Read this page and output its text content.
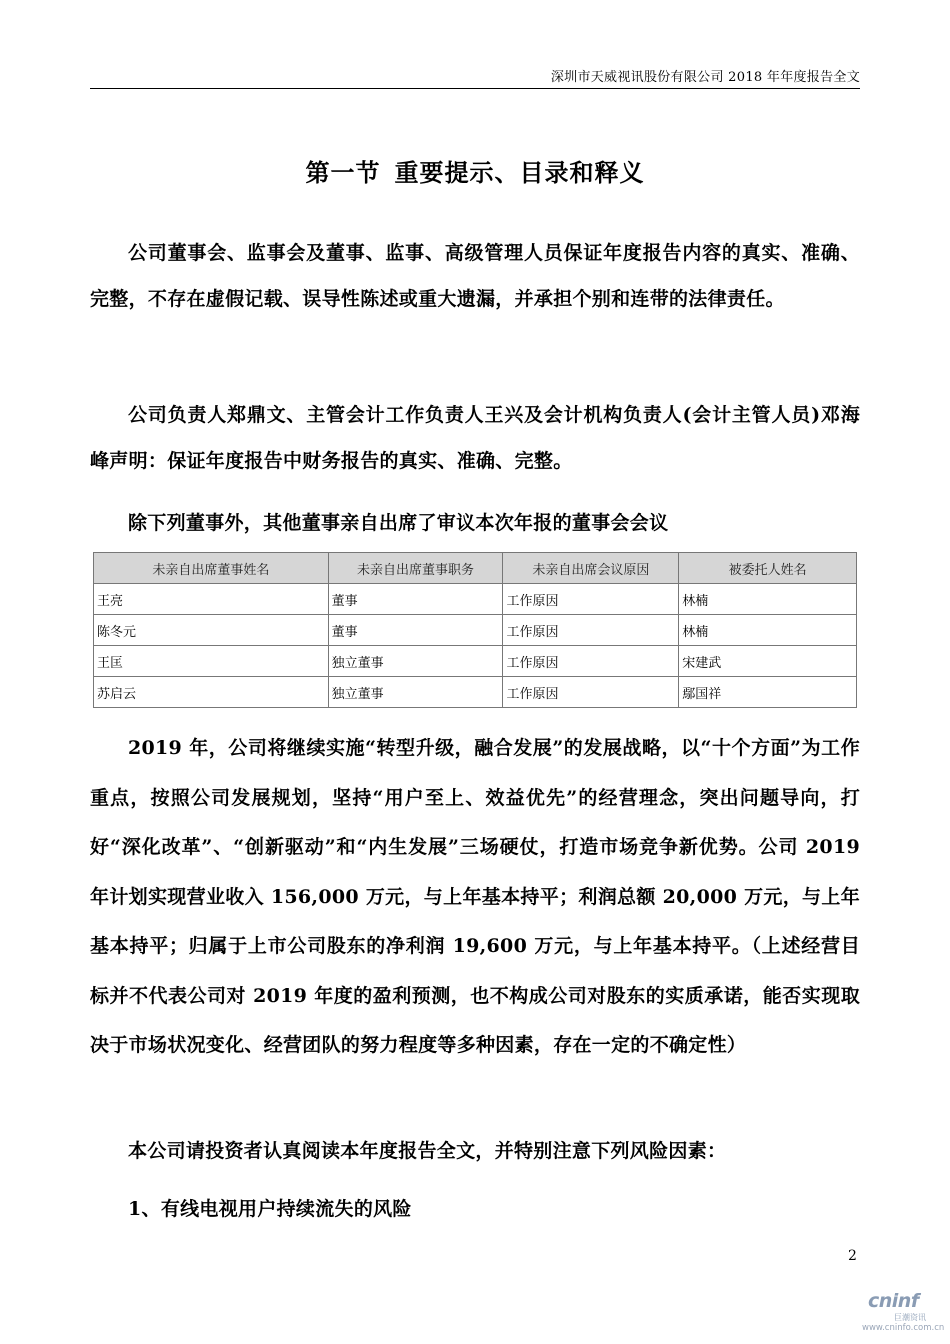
深圳市天威视讯股份有限公司 2018 年年度报告全文
第一节 重要提示、目录和释义

公司董事会、监事会及董事、监事、高级管理人员保证年度报告内容的真实、准确、完整，不存在虚假记载、误导性陈述或重大遗漏，并承担个别和连带的法律责任。

公司负责人郑鼎文、主管会计工作负责人王兴及会计机构负责人(会计主管人员)邓海峰声明：保证年度报告中财务报告的真实、准确、完整。

除下列董事外，其他董事亲自出席了审议本次年报的董事会会议

未亲自出席董事姓名	未亲自出席董事职务	未亲自出席会议原因	被委托人姓名
王亮	董事	工作原因	林楠
陈冬元	董事	工作原因	林楠
王匡	独立董事	工作原因	宋建武
苏启云	独立董事	工作原因	鄢国祥

2019 年，公司将继续实施“转型升级，融合发展”的发展战略，以“十个方面”为工作重点，按照公司发展规划，坚持“用户至上、效益优先”的经营理念，突出问题导向，打好“深化改革”、“创新驱动”和“内生发展”三场硬仗，打造市场竞争新优势。公司 2019 年计划实现营业收入 156,000 万元，与上年基本持平；利润总额 20,000 万元，与上年基本持平；归属于上市公司股东的净利润 19,600 万元，与上年基本持平。（上述经营目标并不代表公司对 2019 年度的盈利预测，也不构成公司对股东的实质承诺，能否实现取决于市场状况变化、经营团队的努力程度等多种因素，存在一定的不确定性）

本公司请投资者认真阅读本年度报告全文，并特别注意下列风险因素：

1、有线电视用户持续流失的风险

2
cninf
巨潮资讯
www.cninfo.com.cn
